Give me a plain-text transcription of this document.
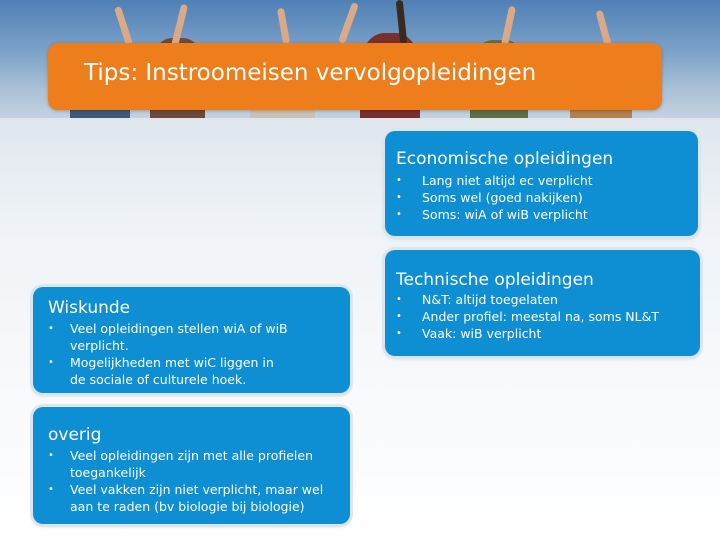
Tips: Instroomeisen vervolgopleidingen
Economische opleidingen
• Lang niet altijd ec verplicht
• Soms wel (goed nakijken)
• Soms: wiA of wiB verplicht
Technische opleidingen
• N&T: altijd toegelaten
• Ander profiel: meestal na, soms NL&T
• Vaak: wiB verplicht
Wiskunde
• Veel opleidingen stellen wiA of wiB verplicht.
• Mogelijkheden met wiC liggen in de sociale of culturele hoek.
overig
• Veel opleidingen zijn met alle profielen toegankelijk
• Veel vakken zijn niet verplicht, maar wel aan te raden (bv biologie bij biologie)
